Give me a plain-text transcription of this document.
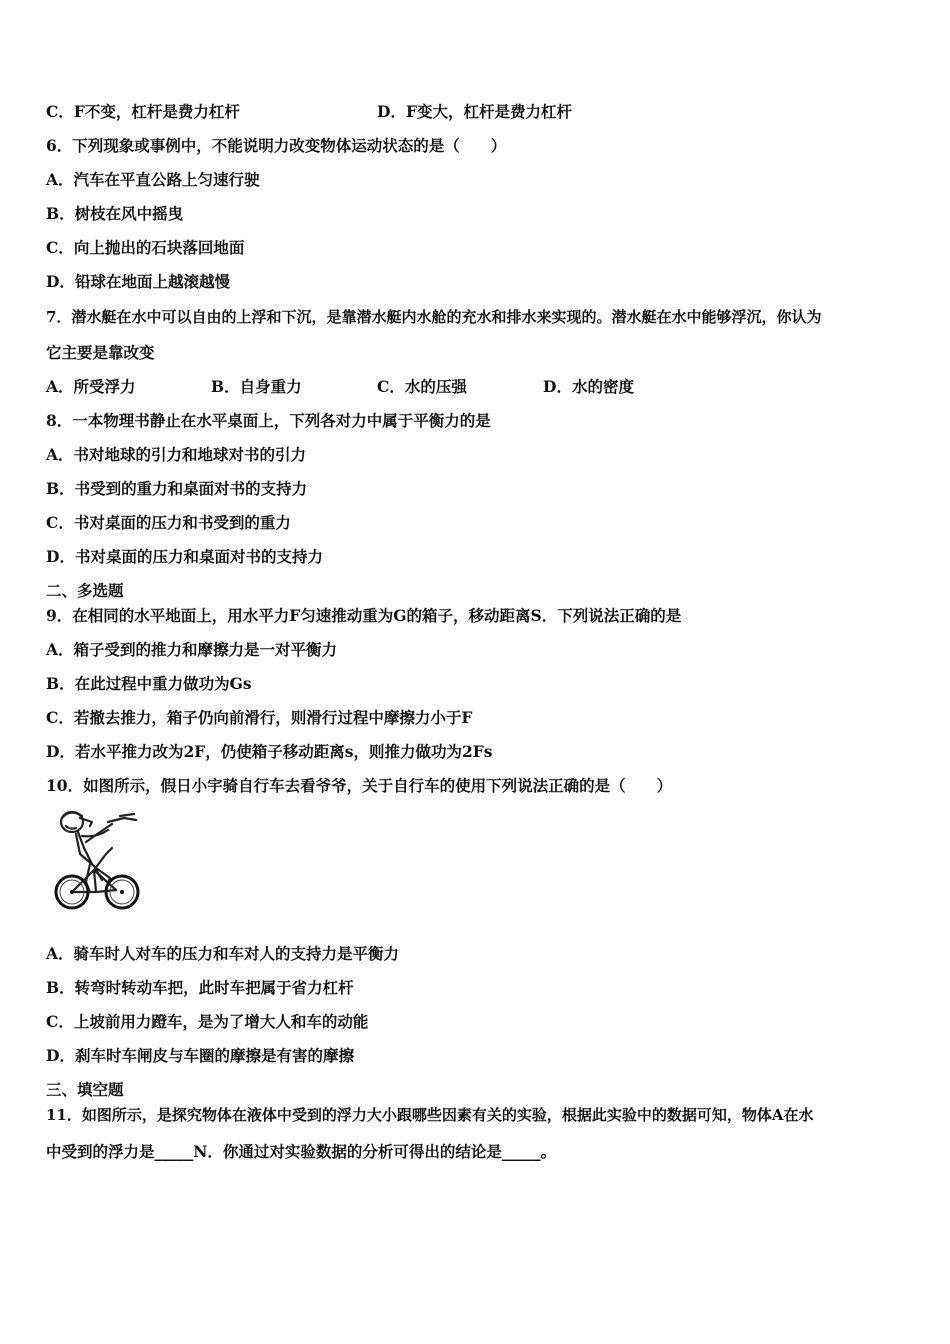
C．F不变，杠杆是费力杠杆	D．F变大，杠杆是费力杠杆
6．下列现象或事例中，不能说明力改变物体运动状态的是（　　）
A．汽车在平直公路上匀速行驶
B．树枝在风中摇曳
C．向上抛出的石块落回地面
D．铅球在地面上越滚越慢
7．潜水艇在水中可以自由的上浮和下沉，是靠潜水艇内水舱的充水和排水来实现的。潜水艇在水中能够浮沉，你认为
它主要是靠改变
A．所受浮力	B．自身重力	C．水的压强	D．水的密度
8．一本物理书静止在水平桌面上，下列各对力中属于平衡力的是
A．书对地球的引力和地球对书的引力
B．书受到的重力和桌面对书的支持力
C．书对桌面的压力和书受到的重力
D．书对桌面的压力和桌面对书的支持力
二、多选题
9．在相同的水平地面上，用水平力F匀速推动重为G的箱子，移动距离S．下列说法正确的是
A．箱子受到的推力和摩擦力是一对平衡力
B．在此过程中重力做功为Gs
C．若撤去推力，箱子仍向前滑行，则滑行过程中摩擦力小于F
D．若水平推力改为2F，仍使箱子移动距离s，则推力做功为2Fs
10．如图所示，假日小宇骑自行车去看爷爷，关于自行车的使用下列说法正确的是（　　）
A．骑车时人对车的压力和车对人的支持力是平衡力
B．转弯时转动车把，此时车把属于省力杠杆
C．上坡前用力蹬车，是为了增大人和车的动能
D．刹车时车闸皮与车圈的摩擦是有害的摩擦
三、填空题
11．如图所示，是探究物体在液体中受到的浮力大小跟哪些因素有关的实验，根据此实验中的数据可知，物体A在水
中受到的浮力是_____N．你通过对实验数据的分析可得出的结论是_____。
